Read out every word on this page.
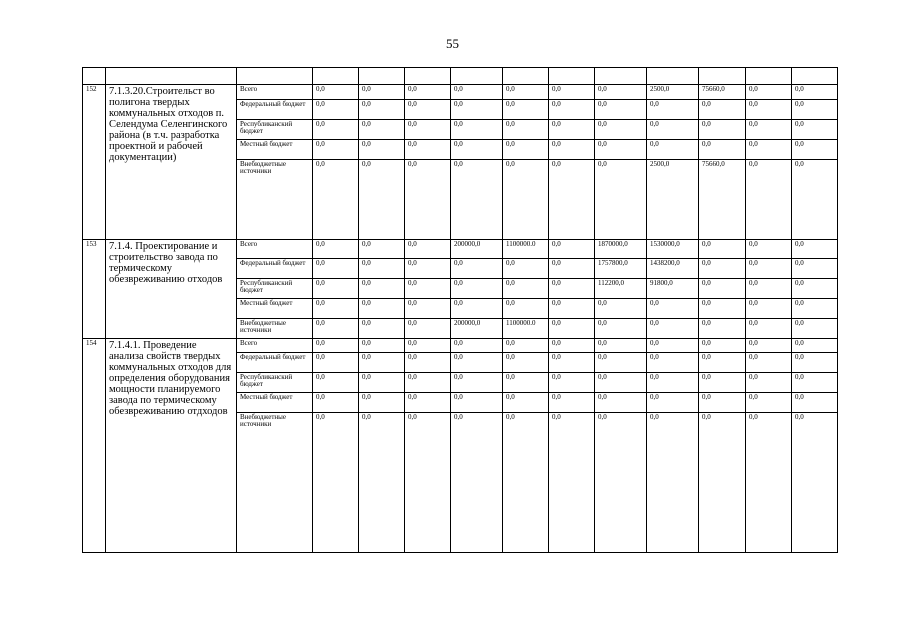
55

152	7.1.3.20.Строительст во полигона твердых коммунальных отходов п. Селендума Селенгинского района (в т.ч. разработка проектной и рабочей документации)	Всего	0,0	0,0	0,0	0,0	0,0	0,0	0,0	2500,0	75660,0	0,0	0,0
		Федеральный бюджет	0,0	0,0	0,0	0,0	0,0	0,0	0,0	0,0	0,0	0,0	0,0
		Республиканский бюджет	0,0	0,0	0,0	0,0	0,0	0,0	0,0	0,0	0,0	0,0	0,0
		Местный бюджет	0,0	0,0	0,0	0,0	0,0	0,0	0,0	0,0	0,0	0,0	0,0
		Внебюджетные источники	0,0	0,0	0,0	0,0	0,0	0,0	0,0	2500,0	75660,0	0,0	0,0
153	7.1.4. Проектирование и строительство завода по термическому обезвреживанию отходов	Всего	0,0	0,0	0,0	200000,0	1100000.0	0,0	1870000,0	1530000,0	0,0	0,0	0,0
		Федеральный бюджет	0,0	0,0	0,0	0,0	0,0	0,0	1757800,0	1438200,0	0,0	0,0	0,0
		Республиканский бюджет	0,0	0,0	0,0	0,0	0,0	0,0	112200,0	91800,0	0,0	0,0	0,0
		Местный бюджет	0,0	0,0	0,0	0,0	0,0	0,0	0,0	0,0	0,0	0,0	0,0
		Внебюджетные источники	0,0	0,0	0,0	200000,0	1100000.0	0,0	0,0	0,0	0,0	0,0	0,0
154	7.1.4.1. Проведение анализа свойств твердых коммунальных отходов для определения оборудования мощности планируемого завода по термическому обезвреживанию отдходов	Всего	0,0	0,0	0,0	0,0	0,0	0,0	0,0	0,0	0,0	0,0	0,0
		Федеральный бюджет	0,0	0,0	0,0	0,0	0,0	0,0	0,0	0,0	0,0	0,0	0,0
		Республиканский бюджет	0,0	0,0	0,0	0,0	0,0	0,0	0,0	0,0	0,0	0,0	0,0
		Местный бюджет	0,0	0,0	0,0	0,0	0,0	0,0	0,0	0,0	0,0	0,0	0,0
		Внебюджетные источники	0,0	0,0	0,0	0,0	0,0	0,0	0,0	0,0	0,0	0,0	0,0
